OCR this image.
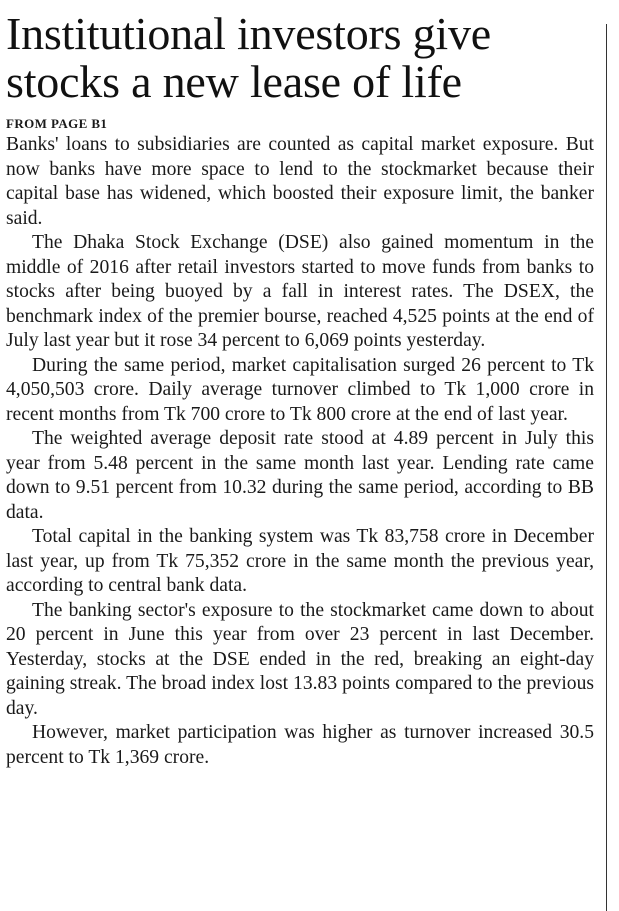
Institutional investors give
stocks a new lease of life
FROM PAGE B1

Banks' loans to subsidiaries are counted as capital market exposure. But now banks have more space to lend to the stockmarket because their capital base has widened, which boosted their exposure limit, the banker said.

The Dhaka Stock Exchange (DSE) also gained momentum in the middle of 2016 after retail investors started to move funds from banks to stocks after being buoyed by a fall in interest rates. The DSEX, the benchmark index of the premier bourse, reached 4,525 points at the end of July last year but it rose 34 percent to 6,069 points yesterday.

During the same period, market capitalisation surged 26 percent to Tk 4,050,503 crore. Daily average turnover climbed to Tk 1,000 crore in recent months from Tk 700 crore to Tk 800 crore at the end of last year.

The weighted average deposit rate stood at 4.89 percent in July this year from 5.48 percent in the same month last year. Lending rate came down to 9.51 percent from 10.32 during the same period, according to BB data.

Total capital in the banking system was Tk 83,758 crore in December last year, up from Tk 75,352 crore in the same month the previous year, according to central bank data.

The banking sector's exposure to the stockmarket came down to about 20 percent in June this year from over 23 percent in last December. Yesterday, stocks at the DSE ended in the red, breaking an eight-day gaining streak. The broad index lost 13.83 points compared to the previous day.

However, market participation was higher as turnover increased 30.5 percent to Tk 1,369 crore.
